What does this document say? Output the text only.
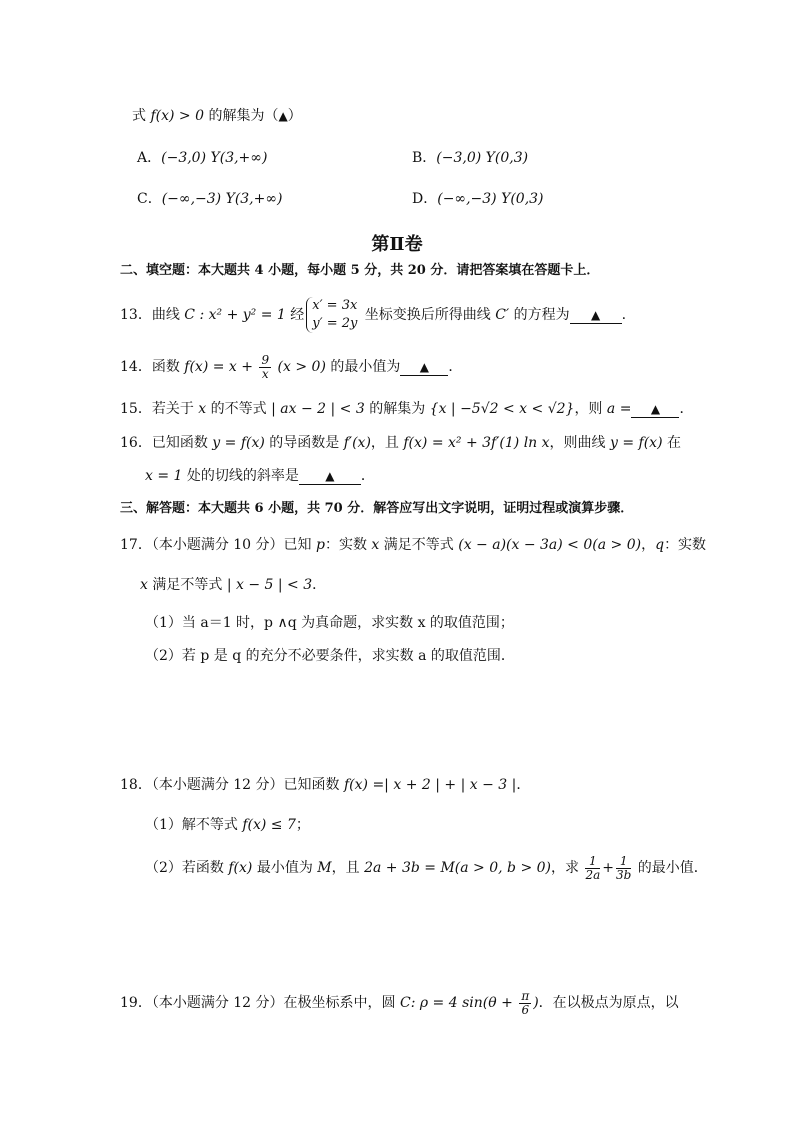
式 f(x) > 0 的解集为（▲）
A．(−3,0) Y(3,+∞)	B．(−3,0) Y(0,3)
C．(−∞,−3) Y(3,+∞)	D．(−∞,−3) Y(0,3)
第Ⅱ卷
二、填空题：本大题共 4 小题，每小题 5 分，共 20 分．请把答案填在答题卡上．
13．曲线 C : x² + y² = 1 经
x′ = 3x
y′ = 2y
坐标变换后所得曲线 C′ 的方程为 ▲ .
14．函数 $f(x) = x + \frac{9}{x} (x > 0)$ 的最小值为 ▲ ．
15．若关于 x 的不等式 | ax − 2 | < 3 的解集为 {x | −5√2 < x < √2}，则 a = ▲ ．
16．已知函数 y = f(x) 的导函数是 f′(x)，且 f(x) = x² + 3f′(1) ln x，则曲线 y = f(x) 在
x = 1 处的切线的斜率是 ▲ ．
三、解答题：本大题共 6 小题，共 70 分．解答应写出文字说明，证明过程或演算步骤．
17．（本小题满分 10 分）已知 p：实数 x 满足不等式 (x − a)(x − 3a) < 0(a > 0)，q：实数
x 满足不等式 | x − 5 | < 3．
（1）当 a＝1 时，p ∧q 为真命题，求实数 x 的取值范围；
（2）若 p 是 q 的充分不必要条件，求实数 a 的取值范围．
18．（本小题满分 12 分）已知函数 f(x) =| x + 2 | + | x − 3 |．
（1）解不等式 f(x) ≤ 7；
（2）若函数 f(x) 最小值为 M，且 2a + 3b = M(a > 0, b > 0)，求 $\frac{1}{2a} + \frac{1}{3b}$ 的最小值．
19．（本小题满分 12 分）在极坐标系中，圆 C: ρ = 4 $\sin(\theta + \frac{\pi}{6}$ )．在以极点为原点，以
